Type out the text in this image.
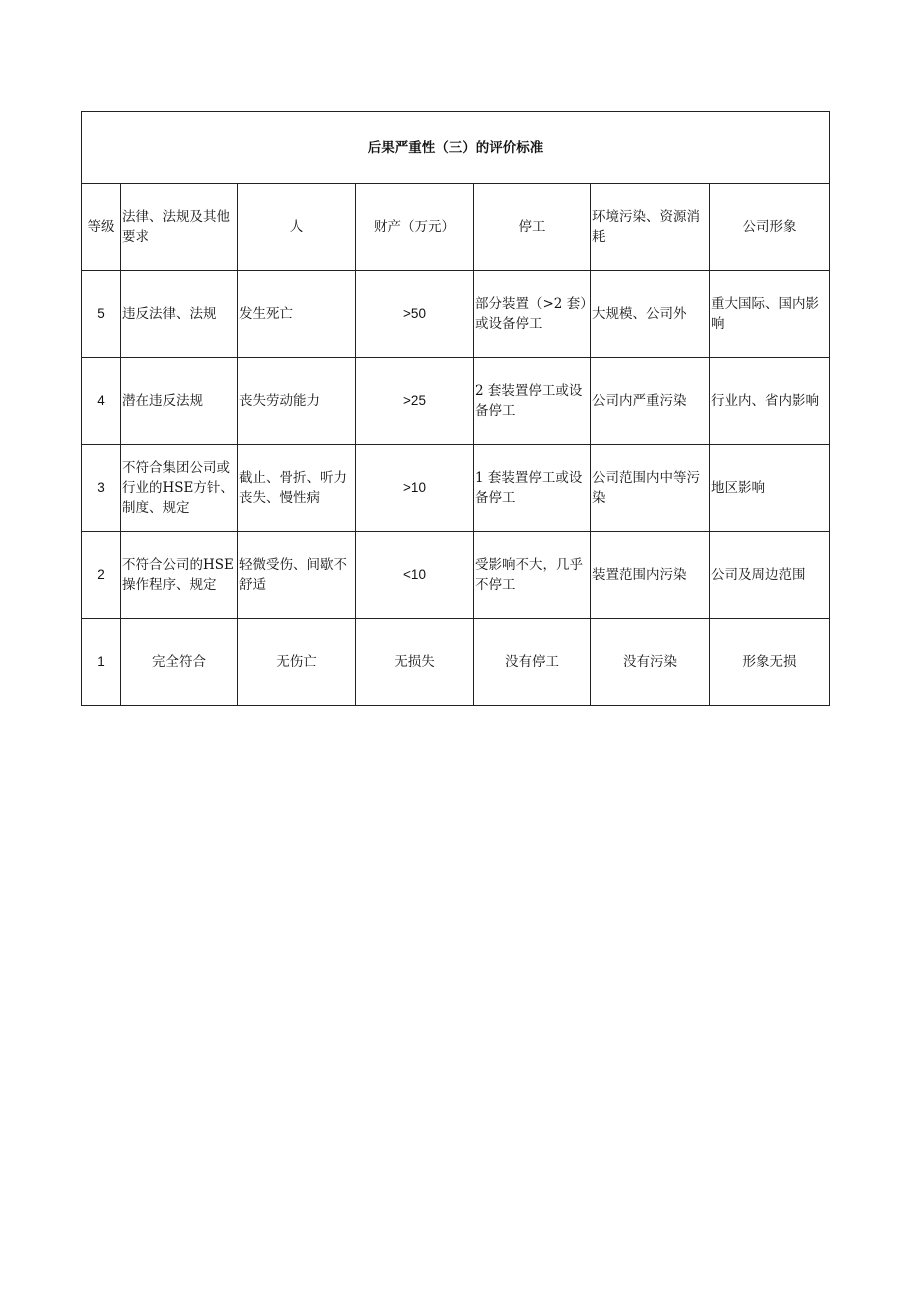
后果严重性（三）的评价标准						
等级	法律、法规及其他要求	人	财产（万元）	停工	环境污染、资源消耗	公司形象
5	违反法律、法规	发生死亡	>50	部分装置（>2 套）或设备停工	大规模、公司外	重大国际、国内影响
4	潜在违反法规	丧失劳动能力	>25	2 套装置停工或设备停工	公司内严重污染	行业内、省内影响
3	不符合集团公司或行业的HSE方针、制度、规定	截止、骨折、听力丧失、慢性病	>10	1 套装置停工或设备停工	公司范围内中等污染	地区影响
2	不符合公司的HSE操作程序、规定	轻微受伤、间歇不舒适	<10	受影响不大，几乎不停工	装置范围内污染	公司及周边范围
1	完全符合	无伤亡	无损失	没有停工	没有污染	形象无损
